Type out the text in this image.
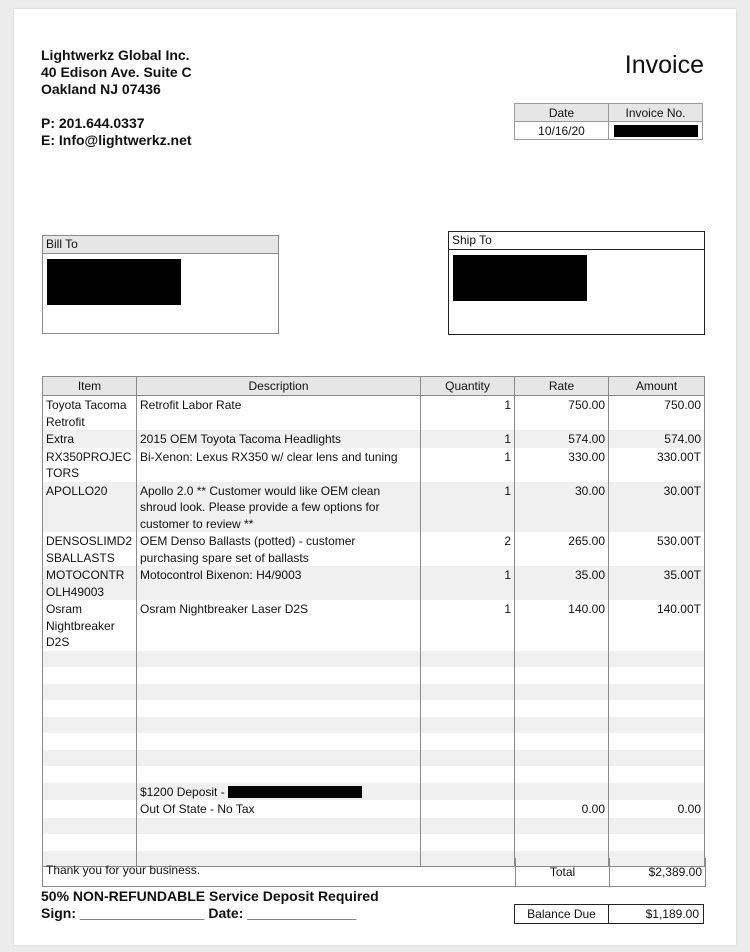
Lightwerkz Global Inc.
40 Edison Ave. Suite C
Oakland NJ 07436
P: 201.644.0337
E: Info@lightwerkz.net
Invoice
Date	Invoice No.
10/16/20	
Bill To	Ship To
Item	Description	Quantity	Rate	Amount
Toyota Tacoma Retrofit	Retrofit Labor Rate	1	750.00	750.00
Extra	2015 OEM Toyota Tacoma Headlights	1	574.00	574.00
RX350PROJECTORS	Bi-Xenon: Lexus RX350 w/ clear lens and tuning	1	330.00	330.00T
APOLLO20	Apollo 2.0 ** Customer would like OEM clean shroud look. Please provide a few options for customer to review **	1	30.00	30.00T
DENSOSLIMD2SBALLASTS	OEM Denso Ballasts (potted) - customer purchasing spare set of ballasts	2	265.00	530.00T
MOTOCONTROLH49003	Motocontrol Bixenon: H4/9003	1	35.00	35.00T
Osram Nightbreaker D2S	Osram Nightbreaker Laser D2S	1	140.00	140.00T

	$1200 Deposit -			
	Out Of State - No Tax		0.00	0.00

Thank you for your business.	Total	$2,389.00
50% NON-REFUNDABLE Service Deposit Required
Sign: ________________ Date: ______________	Balance Due	$1,189.00
